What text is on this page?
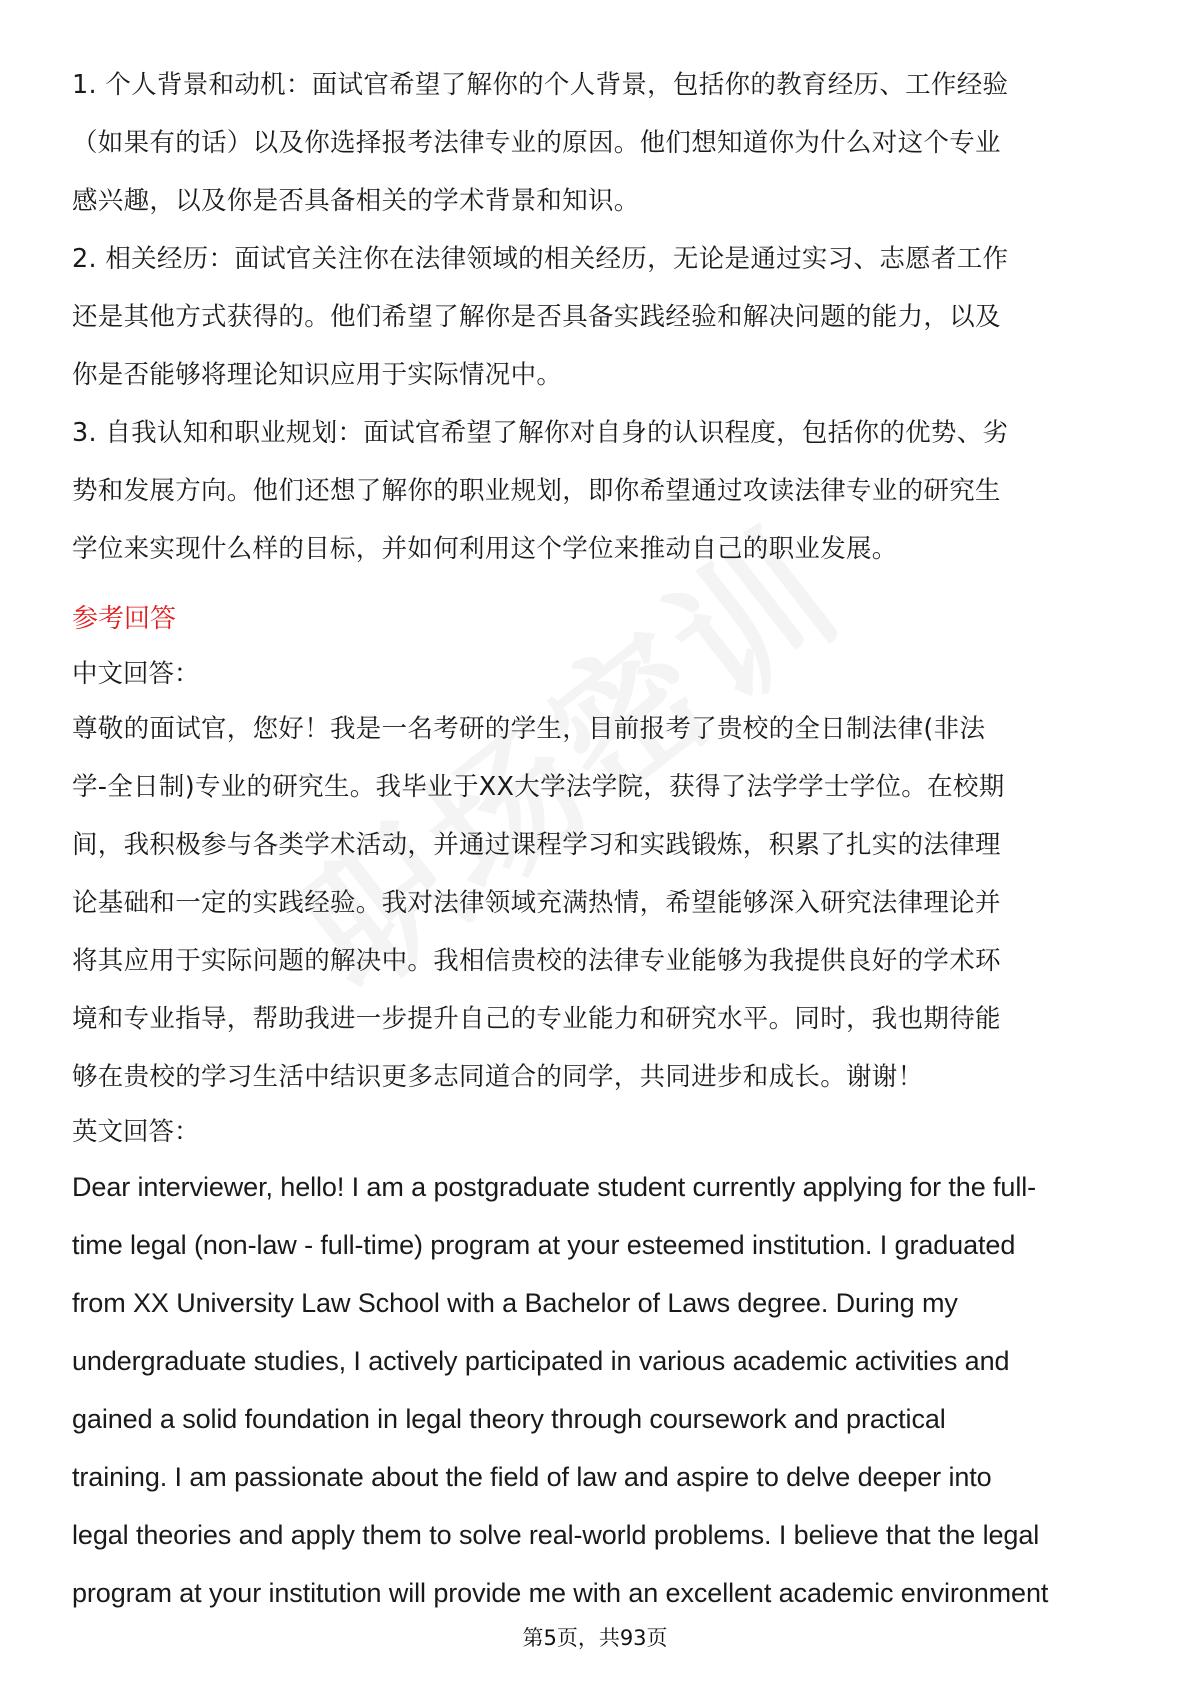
1. 个人背景和动机：面试官希望了解你的个人背景，包括你的教育经历、工作经验
（如果有的话）以及你选择报考法律专业的原因。他们想知道你为什么对这个专业
感兴趣，以及你是否具备相关的学术背景和知识。
2. 相关经历：面试官关注你在法律领域的相关经历，无论是通过实习、志愿者工作
还是其他方式获得的。他们希望了解你是否具备实践经验和解决问题的能力，以及
你是否能够将理论知识应用于实际情况中。
3. 自我认知和职业规划：面试官希望了解你对自身的认识程度，包括你的优势、劣
势和发展方向。他们还想了解你的职业规划，即你希望通过攻读法律专业的研究生
学位来实现什么样的目标，并如何利用这个学位来推动自己的职业发展。
参考回答
中文回答：
尊敬的面试官，您好！我是一名考研的学生，目前报考了贵校的全日制法律(非法
学-全日制)专业的研究生。我毕业于XX大学法学院，获得了法学学士学位。在校期
间，我积极参与各类学术活动，并通过课程学习和实践锻炼，积累了扎实的法律理
论基础和一定的实践经验。我对法律领域充满热情，希望能够深入研究法律理论并
将其应用于实际问题的解决中。我相信贵校的法律专业能够为我提供良好的学术环
境和专业指导，帮助我进一步提升自己的专业能力和研究水平。同时，我也期待能
够在贵校的学习生活中结识更多志同道合的同学，共同进步和成长。谢谢！
英文回答：
Dear interviewer, hello! I am a postgraduate student currently applying for the full-
time legal (non-law - full-time) program at your esteemed institution. I graduated
from XX University Law School with a Bachelor of Laws degree. During my
undergraduate studies, I actively participated in various academic activities and
gained a solid foundation in legal theory through coursework and practical
training. I am passionate about the field of law and aspire to delve deeper into
legal theories and apply them to solve real-world problems. I believe that the legal
program at your institution will provide me with an excellent academic environment
第5页，共93页
